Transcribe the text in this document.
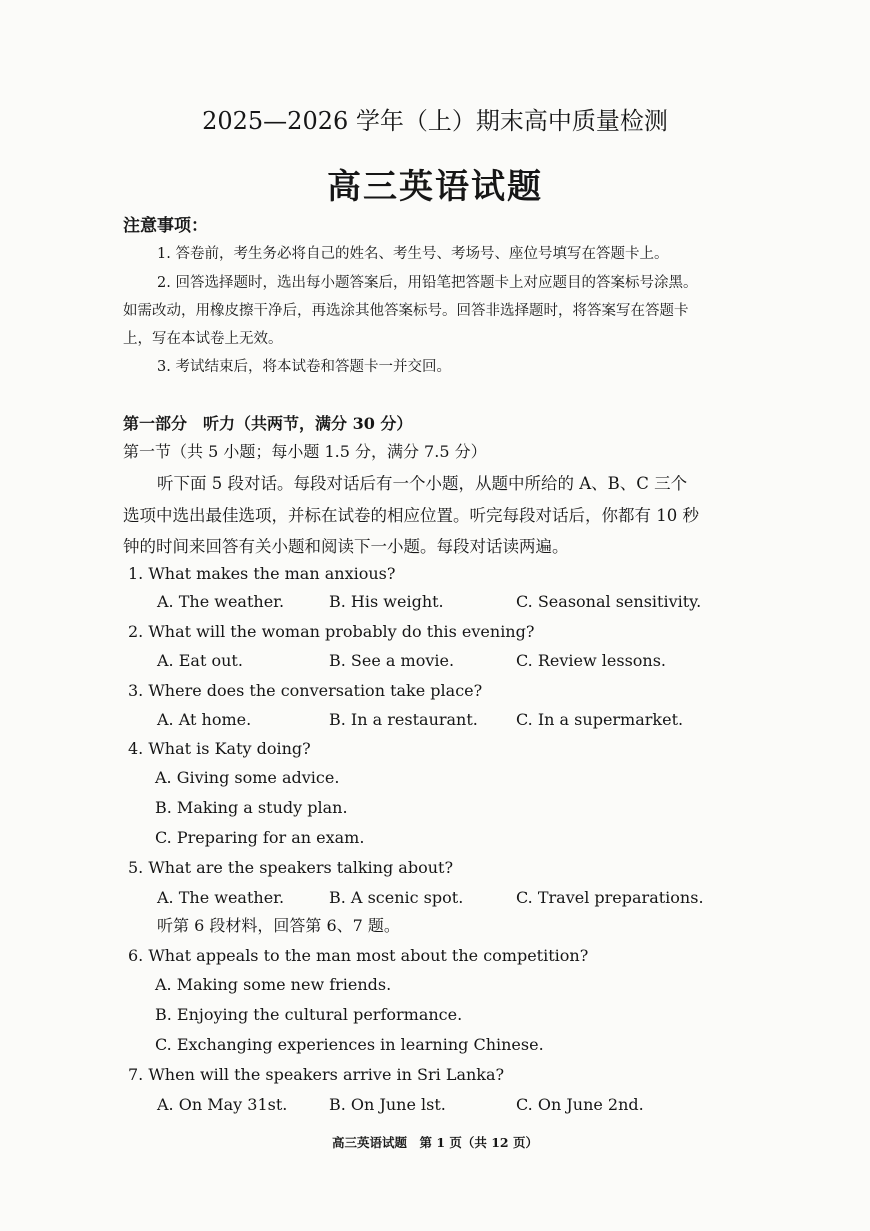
2025—2026 学年（上）期末高中质量检测
高三英语试题
注意事项：
1. 答卷前，考生务必将自己的姓名、考生号、考场号、座位号填写在答题卡上。
2. 回答选择题时，选出每小题答案后，用铅笔把答题卡上对应题目的答案标号涂黑。
如需改动，用橡皮擦干净后，再选涂其他答案标号。回答非选择题时，将答案写在答题卡
上，写在本试卷上无效。
3. 考试结束后，将本试卷和答题卡一并交回。
第一部分　听力（共两节，满分 30 分）
第一节（共 5 小题；每小题 1.5 分，满分 7.5 分）
听下面 5 段对话。每段对话后有一个小题，从题中所给的 A、B、C 三个
选项中选出最佳选项，并标在试卷的相应位置。听完每段对话后，你都有 10 秒
钟的时间来回答有关小题和阅读下一小题。每段对话读两遍。
1. What makes the man anxious?
A. The weather.	B. His weight.	C. Seasonal sensitivity.
2. What will the woman probably do this evening?
A. Eat out.	B. See a movie.	C. Review lessons.
3. Where does the conversation take place?
A. At home.	B. In a restaurant. C. In a supermarket.
4. What is Katy doing?
A. Giving some advice.
B. Making a study plan.
C. Preparing for an exam.
5. What are the speakers talking about?
A. The weather.	B. A scenic spot.	C. Travel preparations.
听第 6 段材料，回答第 6、7 题。
6. What appeals to the man most about the competition?
A. Making some new friends.
B. Enjoying the cultural performance.
C. Exchanging experiences in learning Chinese.
7. When will the speakers arrive in Sri Lanka?
A. On May 31st.	B. On June lst.	C. On June 2nd.
高三英语试题　第 1 页（共 12 页）
